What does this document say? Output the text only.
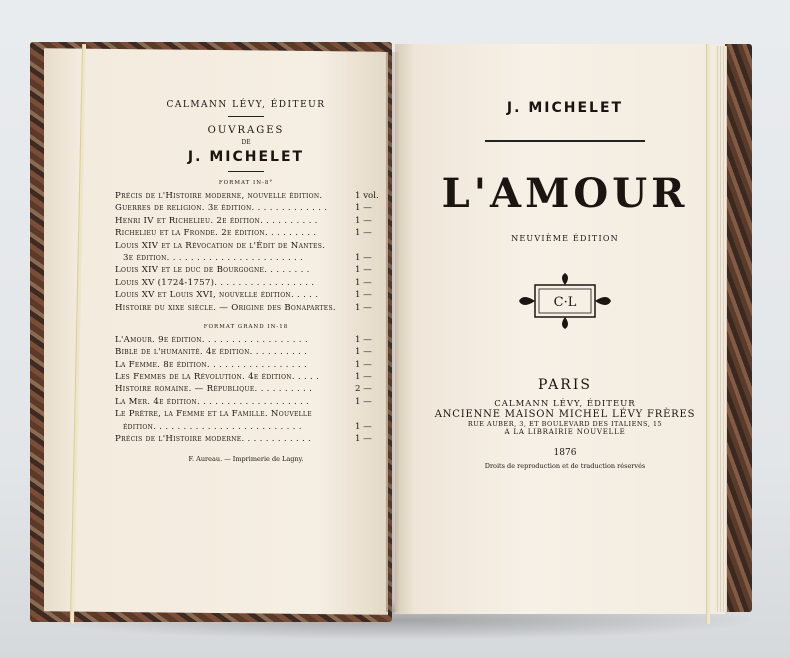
CALMANN LÉVY, ÉDITEUR
OUVRAGES
DE
J. MICHELET
FORMAT IN-8°
Précis de l'Histoire moderne, nouvelle édition.	1 vol.
Guerres de religion. 3e édition. . . . . . . . . . . . .	1 —
Henri IV et Richelieu. 2e édition. . . . . . . . . .	1 —
Richelieu et la Fronde. 2e édition. . . . . . . . .	1 —
Louis XIV et la Révocation de l'Édit de Nantes.
3e édition. . . . . . . . . . . . . . . . . . . . . . .	1 —
Louis XIV et le duc de Bourgogne. . . . . . . .	1 —
Louis XV (1724-1757). . . . . . . . . . . . . . . . .	1 —
Louis XV et Louis XVI, nouvelle édition. . . . .	1 —
Histoire du xixe siècle. — Origine des Bonapartes.	1 —
FORMAT GRAND IN-18
L'Amour. 9e édition. . . . . . . . . . . . . . . . . .	1 —
Bible de l'humanité. 4e édition. . . . . . . . . .	1 —
La Femme. 8e édition. . . . . . . . . . . . . . . . .	1 —
Les Femmes de la Révolution. 4e édition. . . . .	1 —
Histoire romaine. — République. . . . . . . . . .	2 —
La Mer. 4e édition. . . . . . . . . . . . . . . . . . .	1 —
Le Prêtre, la Femme et la Famille. Nouvelle
édition. . . . . . . . . . . . . . . . . . . . . . . . .	1 —
Précis de l'Histoire moderne. . . . . . . . . . . .	1 —
F. Aureau. — Imprimerie de Lagny.
J. MICHELET
L'AMOUR
NEUVIÈME ÉDITION
C·L
PARIS
CALMANN LÉVY, ÉDITEUR
ANCIENNE MAISON MICHEL LÉVY FRÈRES
RUE AUBER, 3, ET BOULEVARD DES ITALIENS, 15
A LA LIBRAIRIE NOUVELLE
1876
Droits de reproduction et de traduction réservés
